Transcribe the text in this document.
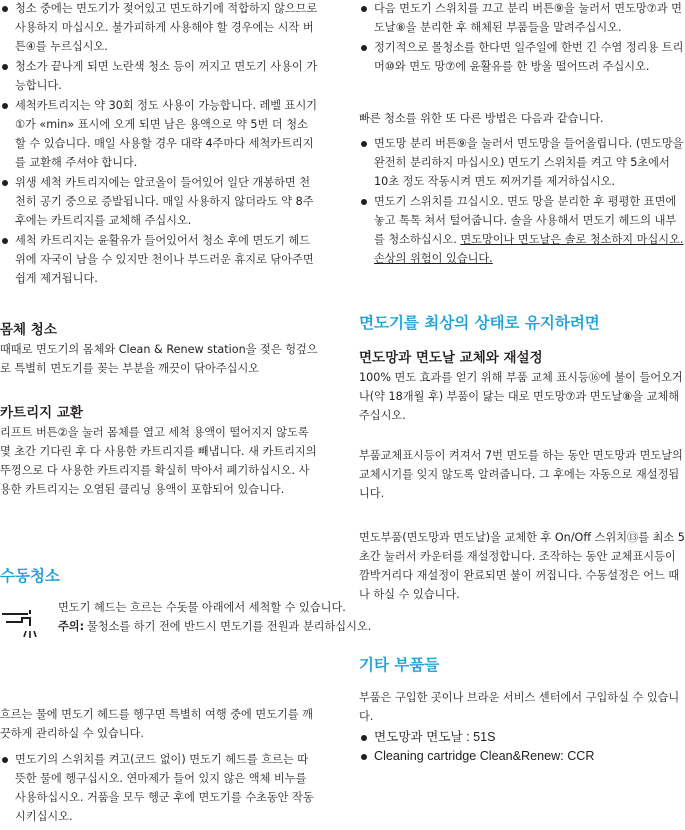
청소 중에는 면도기가 젖어있고 면도하기에 적합하지 않으므로 사용하지 마십시오. 불가피하게 사용해야 할 경우에는 시작 버튼④를 누르십시오.

청소가 끝나게 되면 노란색 청소 등이 꺼지고 면도기 사용이 가능합니다.

세척카트리지는 약 30회 정도 사용이 가능합니다. 레벨 표시기①가 «min» 표시에 오게 되면 남은 용액으로 약 5번 더 청소할 수 있습니다. 매일 사용할 경우 대략 4주마다 세척카트리지를 교환해 주셔야 합니다.

위생 세척 카트리지에는 알코올이 들어있어 일단 개봉하면 천천히 공기 중으로 증발됩니다. 매일 사용하지 않더라도 약 8주 후에는 카트리지를 교체해 주십시오.

세척 카트리지는 윤활유가 들어있어서 청소 후에 면도기 헤드 위에 자국이 남을 수 있지만 천이나 부드러운 휴지로 닦아주면 쉽게 제거됩니다.

몸체 청소

때때로 면도기의 몸체와 Clean & Renew station을 젖은 헝겊으로 특별히 면도기를 꽂는 부분을 깨끗이 닦아주십시오

카트리지 교환

리프트 버튼②을 눌러 몸체를 열고 세척 용액이 떨어지지 않도록 몇 초간 기다린 후 다 사용한 카트리지를 빼냅니다. 새 카트리지의 뚜껑으로 다 사용한 카트리지를 확실히 막아서 폐기하십시오. 사용한 카트리지는 오염된 클리닝 용액이 포함되어 있습니다.

수동청소

면도기 헤드는 흐르는 수돗물 아래에서 세척할 수 있습니다.

주의: 물청소를 하기 전에 반드시 면도기를 전원과 분리하십시오.

흐르는 물에 면도기 헤드를 헹구면 특별히 여행 중에 면도기를 깨끗하게 관리하실 수 있습니다.

면도기의 스위치를 켜고(코드 없이) 면도기 헤드를 흐르는 따뜻한 물에 헹구십시오. 연마제가 들어 있지 않은 액체 비누를 사용하십시오. 거품을 모두 헹군 후에 면도기를 수초동안 작동시키십시오.

다음 면도기 스위치를 끄고 분리 버튼⑨을 눌러서 면도망⑦과 면도날⑧을 분리한 후 해체된 부품들을 말려주십시오.

정기적으로 몰청소를 한다면 일주일에 한번 긴 수염 정리용 트리머⑩와 면도 망⑦에 윤활유를 한 방울 떨어뜨려 주십시오.

빠른 청소를 위한 또 다른 방법은 다음과 같습니다.

면도망 분리 버튼⑨을 눌러서 면도망을 들어올립니다. (면도망을 완전히 분리하지 마십시오) 면도기 스위치를 켜고 약 5초에서 10초 정도 작동시켜 면도 찌꺼기를 제거하십시오.

면도기 스위치를 끄십시오. 면도 망을 분리한 후 평평한 표면에 놓고 톡톡 쳐서 털어줍니다. 솔을 사용해서 면도기 헤드의 내부를 청소하십시오. 면도망이나 면도날은 솔로 청소하지 마십시오. 손상의 위험이 있습니다.

면도기를 최상의 상태로 유지하려면
면도망과 면도날 교체와 재설정

100% 면도 효과를 얻기 위해 부품 교체 표시등⑯에 불이 들어오거나(약 18개월 후) 부품이 닳는 대로 면도망⑦과 면도날⑧을 교체해 주십시오.

부품교체표시등이 켜져서 7번 면도를 하는 동안 면도망과 면도날의 교체시기를 잊지 않도록 알려줍니다. 그 후에는 자동으로 재설정됩니다.

면도부품(면도망과 면도날)을 교체한 후 On/Off 스위치⑬를 최소 5초간 눌러서 카운터를 재설정합니다. 조작하는 동안 교체표시등이 깜박거리다 재설정이 완료되면 불이 꺼집니다. 수동설정은 어느 때나 하실 수 있습니다.

기타 부품들

부품은 구입한 곳이나 브라운 서비스 센터에서 구입하실 수 있습니다.

면도망과 면도날 : 51S

Cleaning cartridge Clean&Renew: CCR
